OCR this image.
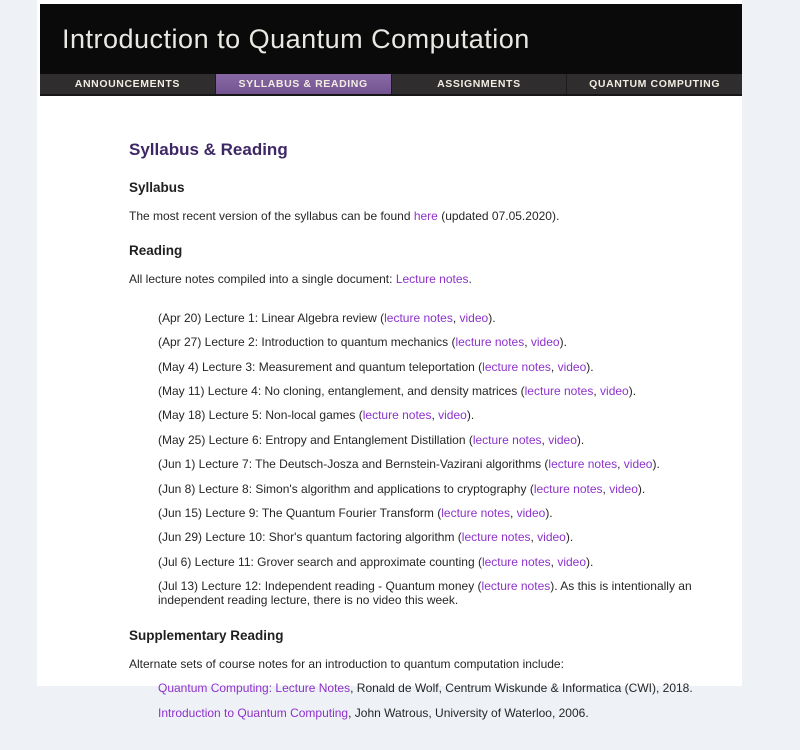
Introduction to Quantum Computation
ANNOUNCEMENTS	SYLLABUS & READING	ASSIGNMENTS	QUANTUM COMPUTING
Syllabus & Reading
Syllabus

The most recent version of the syllabus can be found here (updated 07.05.2020).

Reading

All lecture notes compiled into a single document: Lecture notes.

(Apr 20) Lecture 1: Linear Algebra review (lecture notes, video).

(Apr 27) Lecture 2: Introduction to quantum mechanics (lecture notes, video).

(May 4) Lecture 3: Measurement and quantum teleportation (lecture notes, video).

(May 11) Lecture 4: No cloning, entanglement, and density matrices (lecture notes, video).

(May 18) Lecture 5: Non-local games (lecture notes, video).

(May 25) Lecture 6: Entropy and Entanglement Distillation (lecture notes, video).

(Jun 1) Lecture 7: The Deutsch-Josza and Bernstein-Vazirani algorithms (lecture notes, video).

(Jun 8) Lecture 8: Simon's algorithm and applications to cryptography (lecture notes, video).

(Jun 15) Lecture 9: The Quantum Fourier Transform (lecture notes, video).

(Jun 29) Lecture 10: Shor's quantum factoring algorithm (lecture notes, video).

(Jul 6) Lecture 11: Grover search and approximate counting (lecture notes, video).

(Jul 13) Lecture 12: Independent reading - Quantum money (lecture notes). As this is intentionally an independent reading lecture, there is no video this week.

Supplementary Reading

Alternate sets of course notes for an introduction to quantum computation include:

Quantum Computing: Lecture Notes, Ronald de Wolf, Centrum Wiskunde & Informatica (CWI), 2018.

Introduction to Quantum Computing, John Watrous, University of Waterloo, 2006.
